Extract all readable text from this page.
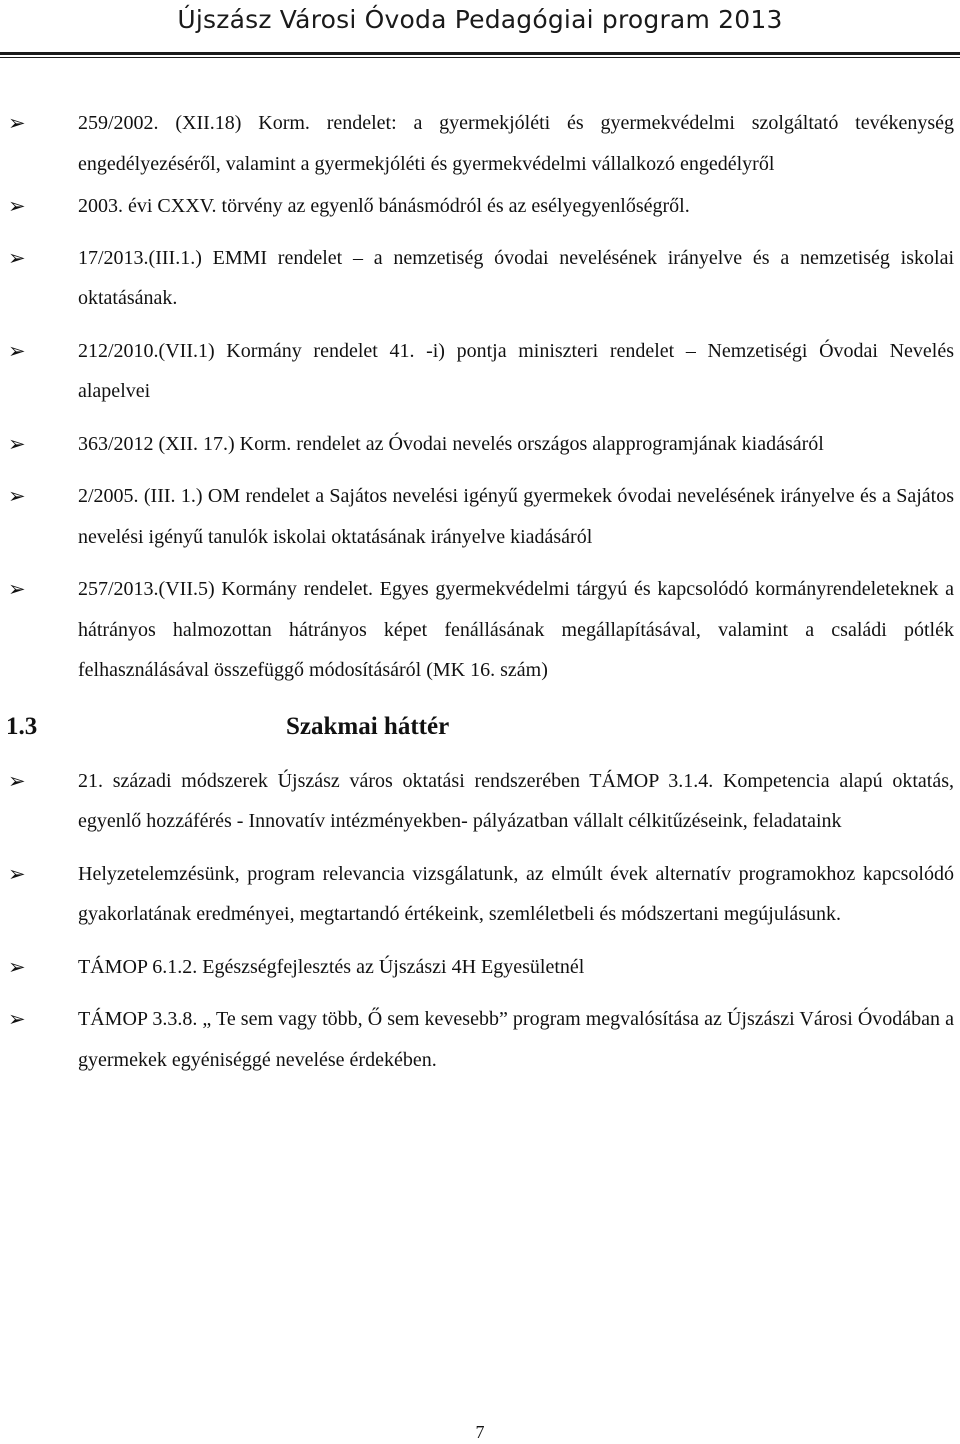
Újszász Városi Óvoda Pedagógiai program 2013
➢	259/2002. (XII.18) Korm. rendelet: a gyermekjóléti és gyermekvédelmi szolgáltató tevékenység engedélyezéséről, valamint a gyermekjóléti és gyermekvédelmi vállalkozó engedélyről
➢	2003. évi CXXV. törvény az egyenlő bánásmódról és az esélyegyenlőségről.
➢	17/2013.(III.1.) EMMI rendelet – a nemzetiség óvodai nevelésének irányelve és a nemzetiség iskolai oktatásának.
➢	212/2010.(VII.1) Kormány rendelet 41. -i) pontja miniszteri rendelet – Nemzetiségi Óvodai Nevelés alapelvei
➢	363/2012 (XII. 17.) Korm. rendelet az Óvodai nevelés országos alapprogramjának kiadásáról
➢	2/2005. (III. 1.) OM rendelet a Sajátos nevelési igényű gyermekek óvodai nevelésének irányelve és a Sajátos nevelési igényű tanulók iskolai oktatásának irányelve kiadásáról
➢	257/2013.(VII.5) Kormány rendelet. Egyes gyermekvédelmi tárgyú és kapcsolódó kormányrendeleteknek a hátrányos halmozottan hátrányos képet fenállásának megállapításával, valamint a családi pótlék felhasználásával összefüggő módosításáról (MK 16. szám)
1.3	Szakmai háttér
➢	21. századi módszerek Újszász város oktatási rendszerében TÁMOP 3.1.4. Kompetencia alapú oktatás, egyenlő hozzáférés - Innovatív intézményekben- pályázatban vállalt célkitűzéseink, feladataink
➢	Helyzetelemzésünk, program relevancia vizsgálatunk, az elmúlt évek alternatív programokhoz kapcsolódó gyakorlatának eredményei, megtartandó értékeink, szemléletbeli és módszertani megújulásunk.
➢	TÁMOP 6.1.2. Egészségfejlesztés az Újszászi 4H Egyesületnél
➢	TÁMOP 3.3.8. „ Te sem vagy több, Ő sem kevesebb” program megvalósítása az Újszászi Városi Óvodában a gyermekek egyéniséggé nevelése érdekében.
7
